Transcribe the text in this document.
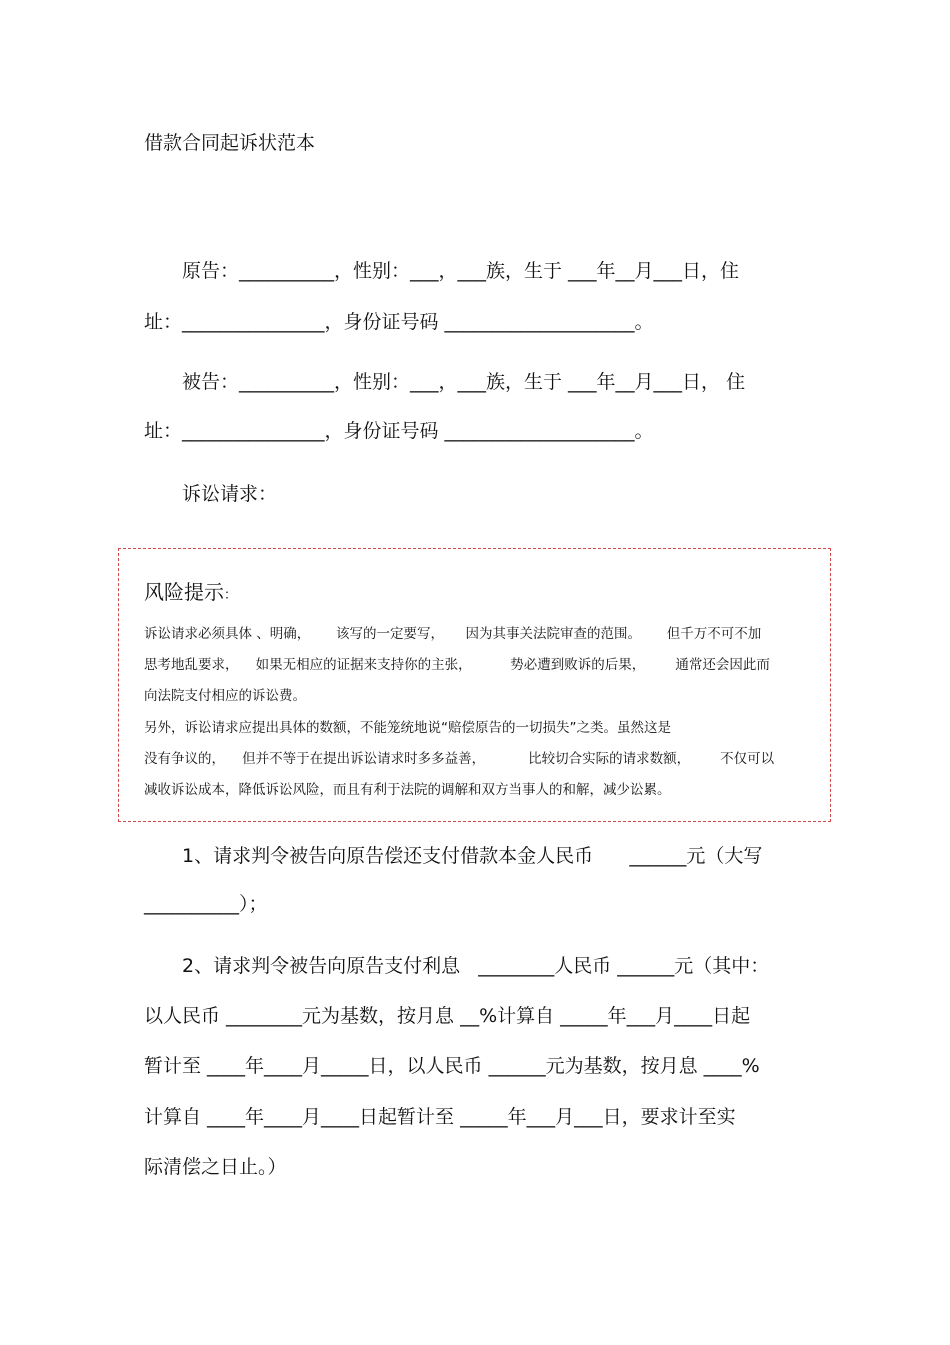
借款合同起诉状范本
原告：__________，性别：___，___族，生于 ___年__月___日，住
址：_______________，身份证号码 ____________________。
被告：__________，性别：___，___族，生于 ___年__月___日， 住
址：_______________，身份证号码 ____________________。
诉讼请求：
风险提示：
诉讼请求必须具体 、明确，      该写的一定要写，     因为其事关法院审查的范围。      但千万不可不加
思考地乱要求，    如果无相应的证据来支持你的主张，         势必遭到败诉的后果，       通常还会因此而
向法院支付相应的诉讼费。
另外，诉讼请求应提出具体的数额，不能笼统地说“赔偿原告的一切损失”之类。虽然这是
没有争议的，    但并不等于在提出诉讼请求时多多益善，          比较切合实际的请求数额，       不仅可以
减收诉讼成本，降低诉讼风险，而且有利于法院的调解和双方当事人的和解，减少讼累。
1、请求判令被告向原告偿还支付借款本金人民币      ______元（大写
__________）；
2、请求判令被告向原告支付利息   ________人民币 ______元（其中：
以人民币 ________元为基数，按月息 __%计算自 _____年___月____日起
暂计至 ____年____月_____日，以人民币 ______元为基数，按月息 ____%
计算自 ____年____月____日起暂计至 _____年___月___日，要求计至实
际清偿之日止。）
